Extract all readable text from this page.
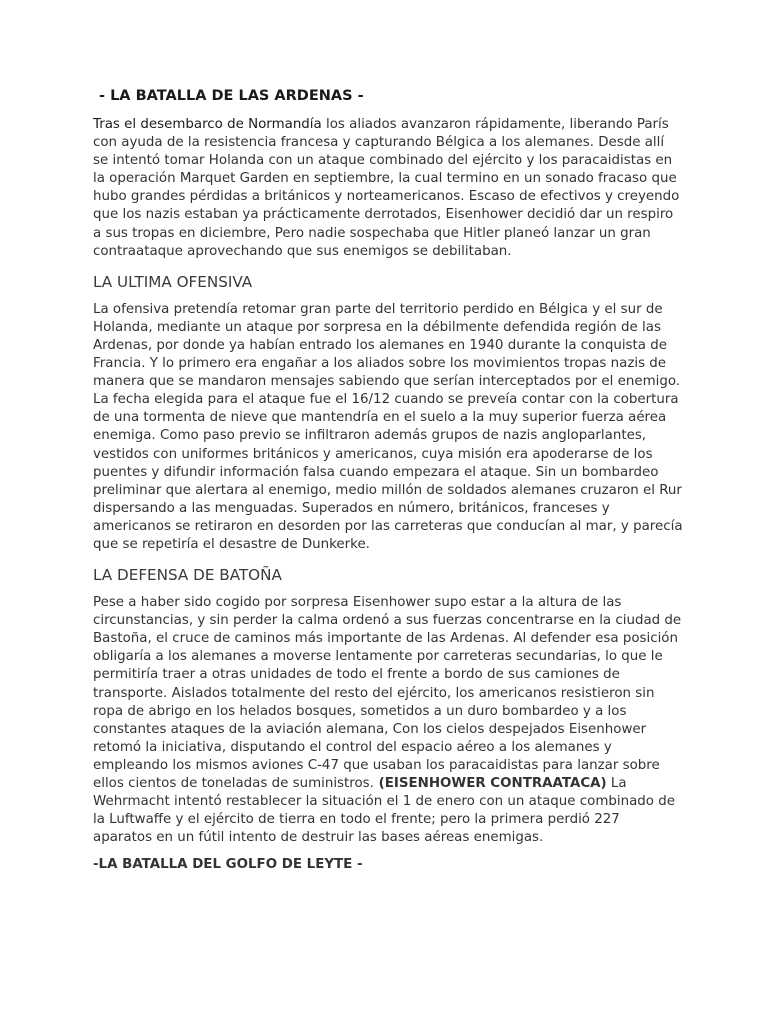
- LA BATALLA DE LAS ARDENAS -

Tras el desembarco de Normandía los aliados avanzaron rápidamente, liberando París con ayuda de la resistencia francesa y capturando Bélgica a los alemanes. Desde allí se intentó tomar Holanda con un ataque combinado del ejército y los paracaidistas en la operación Marquet Garden en septiembre, la cual termino en un sonado fracaso que hubo grandes pérdidas a británicos y norteamericanos. Escaso de efectivos y creyendo que los nazis estaban ya prácticamente derrotados, Eisenhower decidió dar un respiro a sus tropas en diciembre, Pero nadie sospechaba que Hitler planeó lanzar un gran contraataque aprovechando que sus enemigos se debilitaban.

LA ULTIMA OFENSIVA

La ofensiva pretendía retomar gran parte del territorio perdido en Bélgica y el sur de Holanda, mediante un ataque por sorpresa en la débilmente defendida región de las Ardenas, por donde ya habían entrado los alemanes en 1940 durante la conquista de Francia. Y lo primero era engañar a los aliados sobre los movimientos tropas nazis de manera que se mandaron mensajes sabiendo que serían interceptados por el enemigo. La fecha elegida para el ataque fue el 16/12 cuando se preveía contar con la cobertura de una tormenta de nieve que mantendría en el suelo a la muy superior fuerza aérea enemiga. Como paso previo se infiltraron además grupos de nazis angloparlantes, vestidos con uniformes británicos y americanos, cuya misión era apoderarse de los puentes y difundir información falsa cuando empezara el ataque. Sin un bombardeo preliminar que alertara al enemigo, medio millón de soldados alemanes cruzaron el Rur dispersando a las menguadas. Superados en número, británicos, franceses y americanos se retiraron en desorden por las carreteras que conducían al mar, y parecía que se repetiría el desastre de Dunkerke.

LA DEFENSA DE BATOÑA

Pese a haber sido cogido por sorpresa Eisenhower supo estar a la altura de las circunstancias, y sin perder la calma ordenó a sus fuerzas concentrarse en la ciudad de Bastoña, el cruce de caminos más importante de las Ardenas. Al defender esa posición obligaría a los alemanes a moverse lentamente por carreteras secundarias, lo que le permitiría traer a otras unidades de todo el frente a bordo de sus camiones de transporte. Aislados totalmente del resto del ejército, los americanos resistieron sin ropa de abrigo en los helados bosques, sometidos a un duro bombardeo y a los constantes ataques de la aviación alemana, Con los cielos despejados Eisenhower retomó la iniciativa, disputando el control del espacio aéreo a los alemanes y empleando los mismos aviones C-47 que usaban los paracaidistas para lanzar sobre ellos cientos de toneladas de suministros. (EISENHOWER CONTRAATACA) La Wehrmacht intentó restablecer la situación el 1 de enero con un ataque combinado de la Luftwaffe y el ejército de tierra en todo el frente; pero la primera perdió 227 aparatos en un fútil intento de destruir las bases aéreas enemigas.

-LA BATALLA DEL GOLFO DE LEYTE -
